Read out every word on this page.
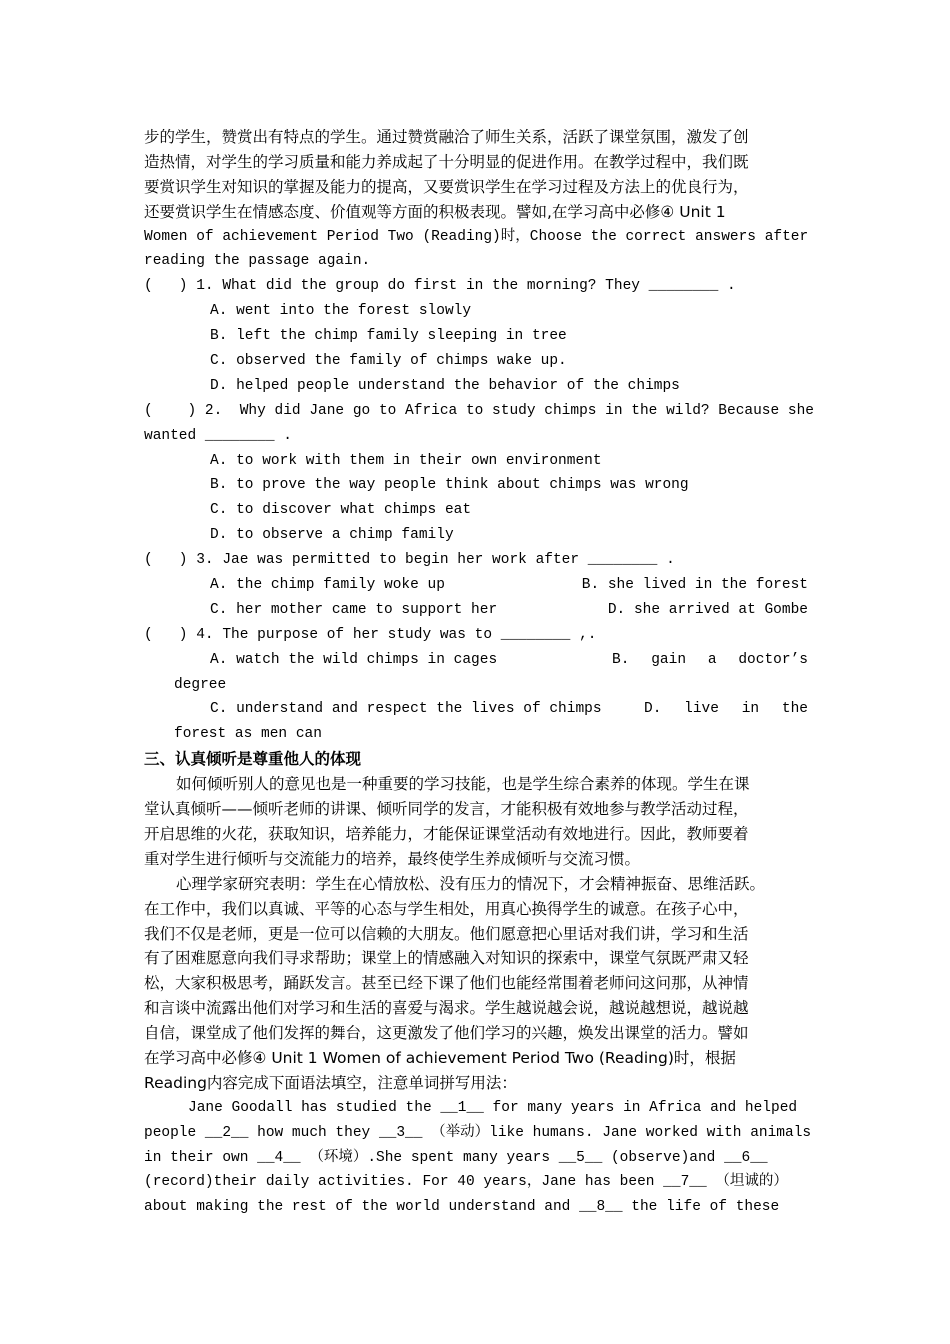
步的学生，赞赏出有特点的学生。通过赞赏融洽了师生关系，活跃了课堂氛围，激发了创
造热情，对学生的学习质量和能力养成起了十分明显的促进作用。在教学过程中，我们既
要赏识学生对知识的掌握及能力的提高，又要赏识学生在学习过程及方法上的优良行为，
还要赏识学生在情感态度、价值观等方面的积极表现。譬如,在学习高中必修④ Unit 1
Women of achievement Period Two (Reading)时，Choose the correct answers after
reading the passage again.
(   ) 1. What did the group do first in the morning? They ________ .
A. went into the forest slowly
B. left the chimp family sleeping in tree
C. observed the family of chimps wake up.
D. helped people understand the behavior of the chimps
(    ) 2.  Why did Jane go to Africa to study chimps in the wild? Because she
wanted ________ .
A. to work with them in their own environment
B. to prove the way people think about chimps was wrong
C. to discover what chimps eat
D. to observe a chimp family
(   ) 3. Jae was permitted to begin her work after ________ .
A. the chimp family woke up	B. she lived in the forest
C. her mother came to support her	D. she arrived at Gombe
(   ) 4. The purpose of her study was to ________ ,.
A. watch the wild chimps in cages	B. gain a doctor’s
degree
C. understand and respect the lives of chimps	D. live in the
forest as men can
三、认真倾听是尊重他人的体现
如何倾听别人的意见也是一种重要的学习技能，也是学生综合素养的体现。学生在课
堂认真倾听——倾听老师的讲课、倾听同学的发言，才能积极有效地参与教学活动过程，
开启思维的火花，获取知识，培养能力，才能保证课堂活动有效地进行。因此，教师要着
重对学生进行倾听与交流能力的培养，最终使学生养成倾听与交流习惯。
心理学家研究表明：学生在心情放松、没有压力的情况下，才会精神振奋、思维活跃。
在工作中，我们以真诚、平等的心态与学生相处，用真心换得学生的诚意。在孩子心中，
我们不仅是老师，更是一位可以信赖的大朋友。他们愿意把心里话对我们讲，学习和生活
有了困难愿意向我们寻求帮助；课堂上的情感融入对知识的探索中，课堂气氛既严肃又轻
松，大家积极思考，踊跃发言。甚至已经下课了他们也能经常围着老师问这问那，从神情
和言谈中流露出他们对学习和生活的喜爱与渴求。学生越说越会说，越说越想说，越说越
自信，课堂成了他们发挥的舞台，这更激发了他们学习的兴趣，焕发出课堂的活力。譬如
在学习高中必修④ Unit 1 Women of achievement Period Two (Reading)时，根据
Reading内容完成下面语法填空，注意单词拼写用法：
Jane Goodall has studied the __1__ for many years in Africa and helped
people __2__ how much they __3__ （举动）like humans. Jane worked with animals
in their own __4__ （环境）.She spent many years __5__ (observe)and __6__
(record)their daily activities. For 40 years，Jane has been __7__ （坦诚的）
about making the rest of the world understand and __8__ the life of these
